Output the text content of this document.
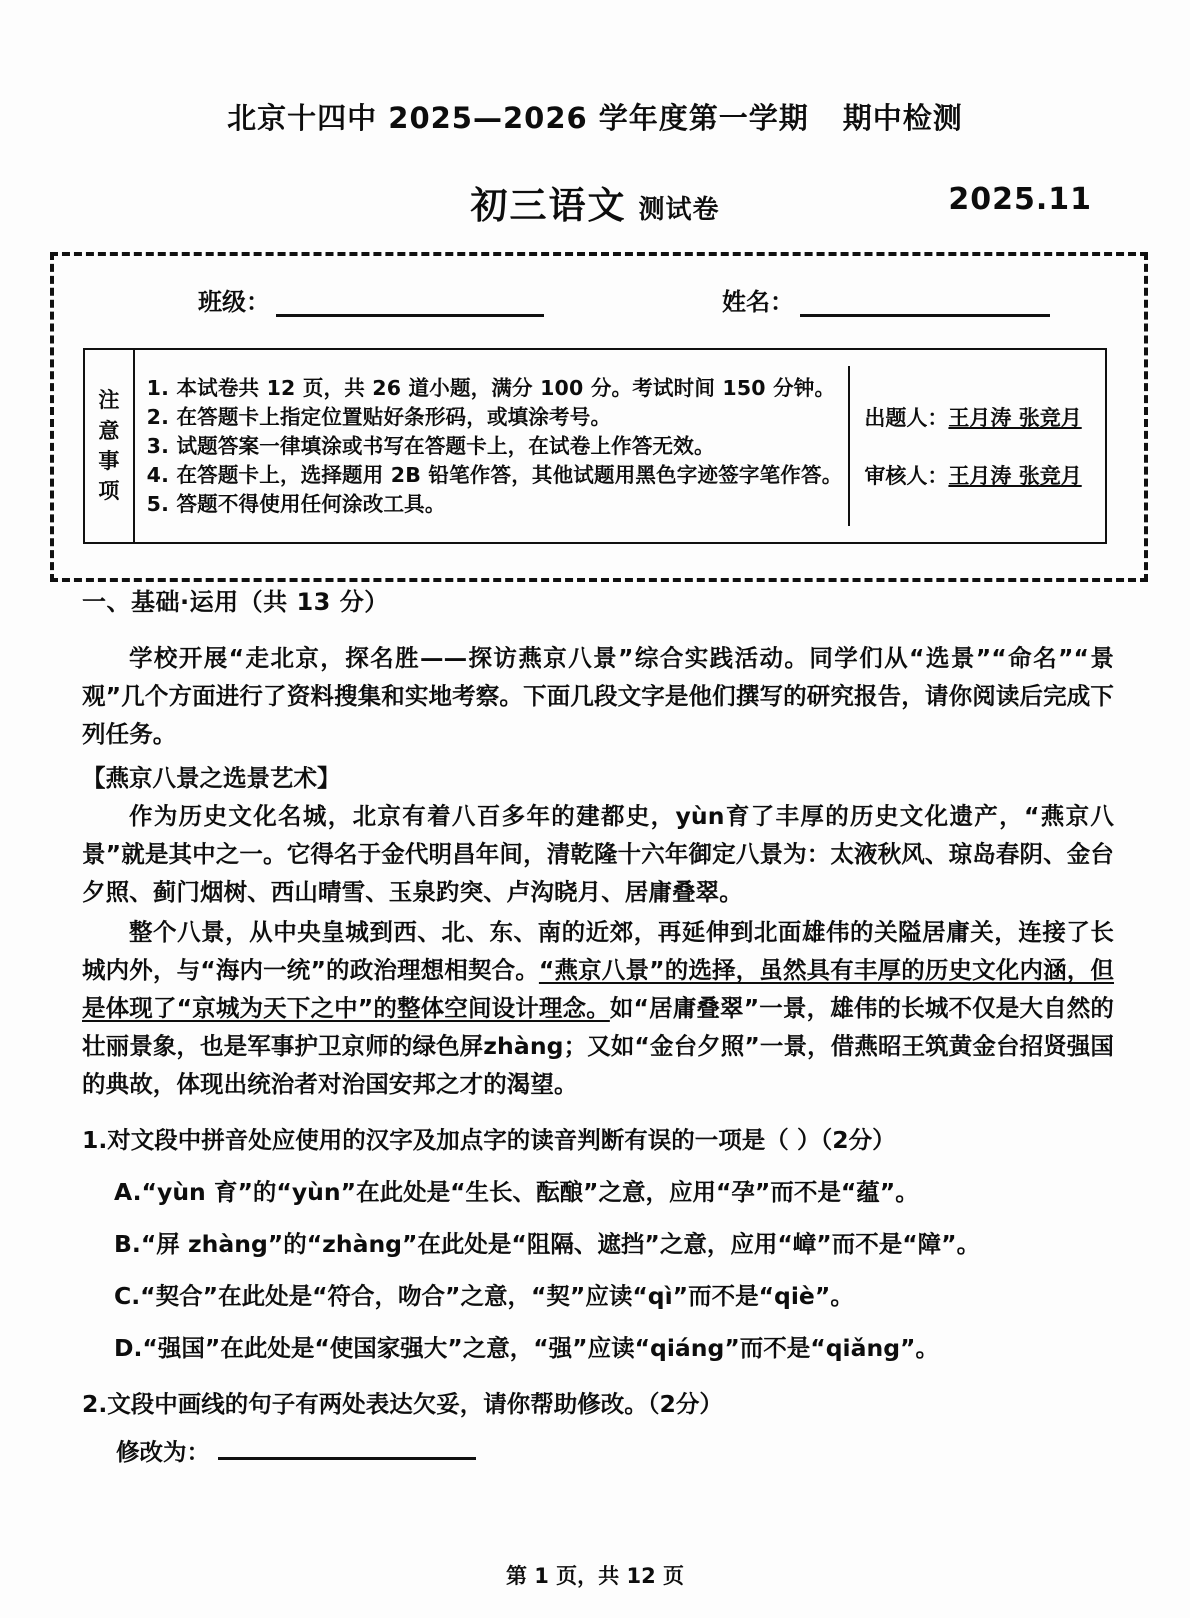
北京十四中 2025—2026 学年度第一学期 期中检测
初三语文 测试卷	2025.11
班级：	姓名：
注
意
事
项
1. 本试卷共 12 页，共 26 道小题，满分 100 分。考试时间 150 分钟。
2. 在答题卡上指定位置贴好条形码，或填涂考号。
3. 试题答案一律填涂或书写在答题卡上，在试卷上作答无效。
4. 在答题卡上，选择题用 2B 铅笔作答，其他试题用黑色字迹签字笔作答。
5. 答题不得使用任何涂改工具。
出题人：王月涛 张竞月
审核人：王月涛 张竞月

一、基础·运用（共 13 分）

学校开展“走北京，探名胜——探访燕京八景”综合实践活动。同学们从“选景”“命名”“景观”几个方面进行了资料搜集和实地考察。下面几段文字是他们撰写的研究报告，请你阅读后完成下列任务。

【燕京八景之选景艺术】

作为历史文化名城，北京有着八百多年的建都史，yùn育了丰厚的历史文化遗产，“燕京八景”就是其中之一。它得名于金代明昌年间，清乾隆十六年御定八景为：太液秋风、琼岛春阴、金台夕照、蓟门烟树、西山晴雪、玉泉趵突、卢沟晓月、居庸叠翠。

整个八景，从中央皇城到西、北、东、南的近郊，再延伸到北面雄伟的关隘居庸关，连接了长城内外，与“海内一统”的政治理想相契合。“燕京八景”的选择，虽然具有丰厚的历史文化内涵，但是体现了“京城为天下之中”的整体空间设计理念。如“居庸叠翠”一景，雄伟的长城不仅是大自然的壮丽景象，也是军事护卫京师的绿色屏zhàng；又如“金台夕照”一景，借燕昭王筑黄金台招贤强国的典故，体现出统治者对治国安邦之才的渴望。

1.对文段中拼音处应使用的汉字及加点字的读音判断有误的一项是（ ）（2分）

A.“yùn 育”的“yùn”在此处是“生长、酝酿”之意，应用“孕”而不是“蕴”。

B.“屏 zhàng”的“zhàng”在此处是“阻隔、遮挡”之意，应用“嶂”而不是“障”。

C.“契合”在此处是“符合，吻合”之意，“契”应读“qì”而不是“qiè”。

D.“强国”在此处是“使国家强大”之意，“强”应读“qiáng”而不是“qiǎng”。

2.文段中画线的句子有两处表达欠妥，请你帮助修改。（2分）

修改为：

第 1 页，共 12 页
